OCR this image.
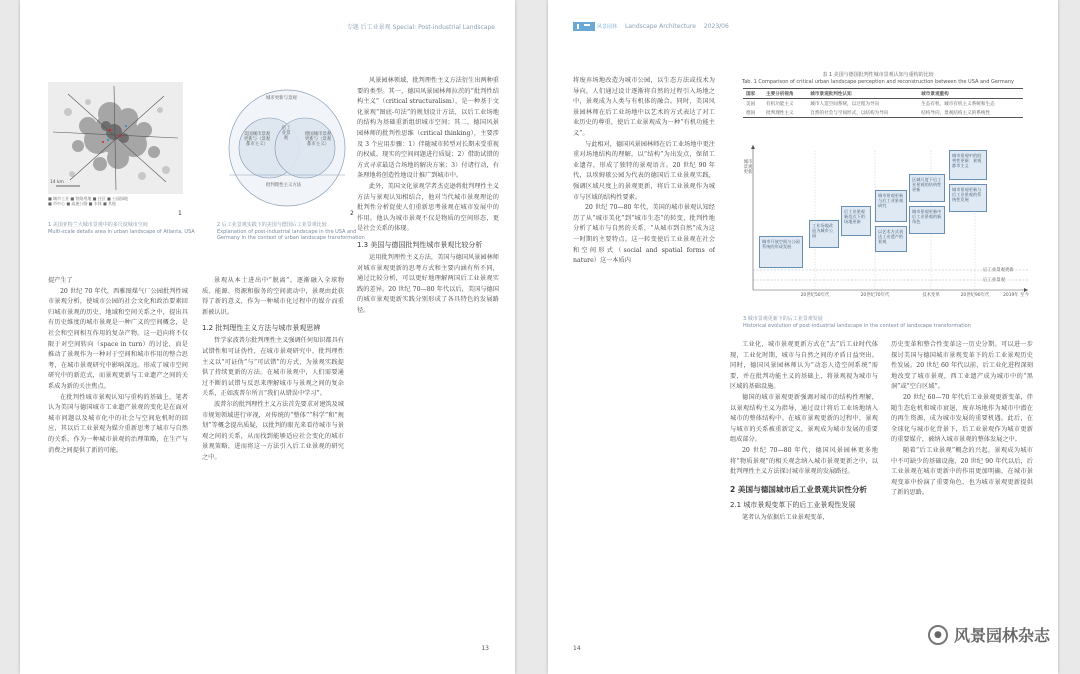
专题 后工业景观 Special: Post-industrial Landscape
14 km
■ 城市工业 ■ 铁路用地 ■ 住区 ■ 公园绿地
■ 市中心 ■ 高速公路 ■ 水体 ■ 其他
1
1 美国亚特兰大城市景观中的多尺度城市空间
Multi-scale details area in urban landscape of Atlanta, USA
城市更新与景观
美国城市景观更新与（景观都市主义）
后工业景观
德国城市景观更新与（景观都市主义）
批判理性主义方法
2
2 后工业景观实践下的美国与德国后工业景观比较
Explanation of post-industrial landscape in the USA and Germany in the context of urban landscape transformation

提产生了

20 世纪 70 年代，西雅图煤气厂公园批判性城市景观分析，使城市公园的社会文化和政治要素回归城市景观的历史、地域和空间关系之中，提出具有历史维度的城市景观是一种广义的空间概念，是社会和空间相互作用的复杂产物。这一趋向将不仅限于对空间转向（space in turn）的讨论，而是推动了景观作为一种对于空间和城市作用的整合思考，在城市景观研究中影响深远。形成了城市空间研究中的新范式，而景观更新与工业遗产之间的关系成为新的关注焦点。

在批判性城市景观认知与重构的基础上，笔者认为美国与德国城市工业遗产景观的变化是在面对城市问题以及城市化中的社会与空间危机时的回应，其以后工业景观为媒介重新思考了城市与自然的关系，作为一种城市景观的治理策略，在生产与消费之间提供了新的可能。

景观从本土进出中“脱离”，逐渐融入全球物质、能源、资源和服务的空间流动中，景观由此获得了新的意义，作为一种城市化过程中的媒介而重新被认识。

1.2 批判理性主义方法与城市景观思辨

哲学家波普尔批判理性主义强调任何知识都具有试错性和可证伪性，在城市景观研究中，批判理性主义以“可证伪”与“可试错”的方式，为景观实践提供了持续更新的方法。在城市景观中，人们需要通过不断的试错与反思来理解城市与景观之间的复杂关系，正如波普尔所言“我们从错误中学习”。

波普尔的批判理性主义方法首先要求对建筑及城市规划领域进行审视，对传统的“整体”“科学”和“规划”等概念提出质疑，以批判的眼光来看待城市与景观之间的关系，从而找到能够适应社会变化的城市景观策略，进而将这一方法引入后工业景观的研究之中。

风景园林领域，批判理性主义方法衍生出两种重要的类型。其一，德国风景园林师拉茨的“批判性结构主义”（critical structuralism），是一种基于文化景观“图底-句法”的规划设计方法，以后工业场地的结构为基础重新组织城市空间；其二，德国风景园林师的批判性思维（critical thinking），主要涉及 3 个应用步骤：1）伴随城市转型对长期未受重视的权威、现实的空间问题进行质疑；2）借助试错的方式寻求最适合场地的解决方案；3）付诸行动，有条理地将创造性地设计推广到城市中。

此外，美国文化景观学者杰克逊将批判理性主义方法与景观认知相结合，他对当代城市景观理论的批判性分析促使人们重新思考景观在城市发展中的作用。他认为城市景观不仅是物质的空间形态，更是社会关系的体现。

1.3 美国与德国批判性城市景观比较分析

运用批判理性主义方法，美国与德国风景园林师对城市景观更新的思考方式和主要内涵有所不同，通过比较分析，可以更好地理解两国后工业景观实践的差异。20 世纪 70—80 年代以后，美国与德国的城市景观更新实践分别形成了各具特色的发展路径。

13
风景园林 Landscape Architecture 2023/06

将废弃场地改造为城市公园，以生态方法或技术为导向，人们通过设计逐渐将自然的过程引入场地之中，景观成为人类与有机体的融合。同时，美国风景园林师在后工业场地中以艺术的方式表达了对工业历史的尊重，使后工业景观成为一种“有机功能主义”。

与此相对，德国风景园林师在后工业场地中更注重对场地结构的理解，以“结构”为出发点，保留工业遗存，形成了独特的景观语言。20 世纪 90 年代，以埃姆歇公园为代表的德国后工业景观实践，强调区域尺度上的景观更新，将后工业景观作为城市与区域的结构性要素。

20 世纪 70—80 年代，美国的城市景观认知经历了从“城市美化”到“城市生态”的转变，批判性地分析了城市与自然的关系，“从城市到自然”成为这一时期的主要特点。这一转变使后工业景观在社会和空间形式（social and spatial forms of nature）这一本质内

表 1 美国与德国批判性城市景观认知与重构的比较
Tab. 1 Comparison of critical urban landscape perception and reconstruction between the USA and Germany
国家	主要分析视角	城市景观批判性认知	城市景观重构
美国	有机功能主义	城市人造空间系统，以过程为导向	生态有机，城市有机主义系统和生态
德国	批判理性主义	自然的社会与空间形式，以结构为导向	结构导向，景观结构主义的系统性
城市景观更新
城市开放空间与公园系统的形成发展
工业场地改造为城市公园
后工业景观新范式下的场地更新
城市景观更新与后工业景观研究
以艺术方式表达工业遗产的景观
区域尺度下后工业景观的结构性更新
城市景观更新中后工业景观的新角色
城市景观中的批判性更新：景观都市主义
城市景观更新与后工业景观的系统性发展
后工业景观更新
后工业景观
20世纪50年代	20世纪70年代	技术变革	20世纪90年代	2019年 至今
3 城市景观更新下的后工业景观发展
Historical evolution of post-industrial landscape in the context of landscape transformation

工业化，城市景观更新方式在“去”后工业时代体现，工业化时期，城市与自然之间的矛盾日益突出。同时，德国风景园林师认为“动态人造空间系统”需要，并在批判功能主义的基础上，将景观视为城市与区域的基础设施。

德国的城市景观更新强调对城市的结构性理解，以景观结构主义为指导，通过设计将后工业场地纳入城市的整体结构中。在城市景观更新的过程中，景观与城市的关系被重新定义，景观成为城市发展的重要组成部分。

20 世纪 70—80 年代，德国风景园林更多地将“物质景观”的相关观念纳入城市景观更新之中，以批判理性主义方法探讨城市景观的发展路径。

2 美国与德国城市后工业景观共识性分析
2.1 城市景观变革下的后工业景观性发展

笔者认为依据后工业景观变革，

历史变革和整合性变革这一历史分期。可以进一步探讨美国与德国城市景观变革下的后工业景观历史性发展。20 世纪 60 年代以前，后工业化进程深刻地改变了城市景观，西工业遗产成为城市中的“黑洞”或“空白区域”。

20 世纪 60—70 年代后工业景观更新变革，伴随生态危机和城市衰退，废弃场地作为城市中潜在的再生资源，成为城市发展的重要机遇。此后，在全球化与城市化背景下，后工业景观作为城市更新的重要媒介，被纳入城市景观的整体发展之中。

随着“后工业景观”概念的兴起，景观成为城市中不可缺少的基础设施，20 世纪 90 年代以后，后工业景观在城市更新中的作用更加明确，在城市景观变革中扮演了重要角色，也为城市景观更新提供了新的思路。

14
● 风景园林杂志
